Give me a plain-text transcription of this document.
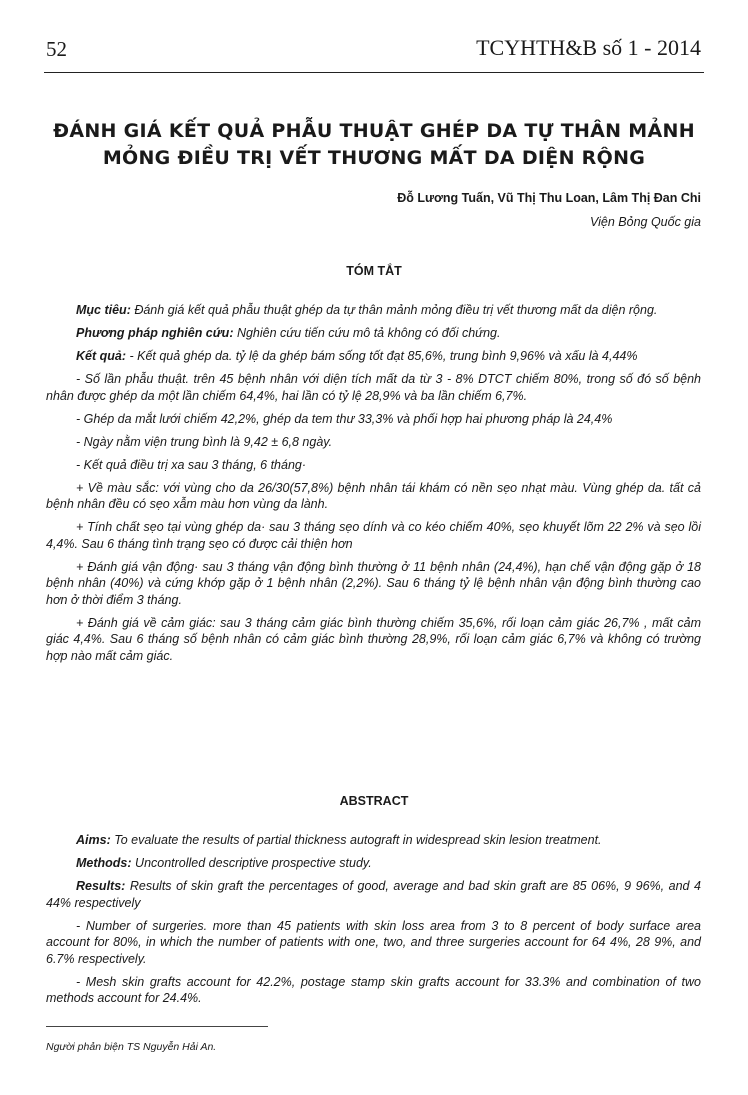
52	TCYHTH&B số 1 - 2014
ĐÁNH GIÁ KẾT QUẢ PHẪU THUẬT GHÉP DA TỰ THÂN MẢNH
MỎNG ĐIỀU TRỊ VẾT THƯƠNG MẤT DA DIỆN RỘNG
Đỗ Lương Tuấn, Vũ Thị Thu Loan, Lâm Thị Đan Chi
Viện Bỏng Quốc gia
TÓM TẮT

Mục tiêu: Đánh giá kết quả phẫu thuật ghép da tự thân mảnh mỏng điều trị vết thương mất da diện rộng.

Phương pháp nghiên cứu: Nghiên cứu tiến cứu mô tả không có đối chứng.

Kết quả: - Kết quả ghép da. tỷ lệ da ghép bám sống tốt đạt 85,6%, trung bình 9,96% và xấu là 4,44%

- Số lần phẫu thuật. trên 45 bệnh nhân với diện tích mất da từ 3 - 8% DTCT chiếm 80%, trong số đó số bệnh nhân được ghép da một lần chiếm 64,4%, hai lần có tỷ lệ 28,9% và ba lần chiếm 6,7%.

- Ghép da mắt lưới chiếm 42,2%, ghép da tem thư 33,3% và phối hợp hai phương pháp là 24,4%

- Ngày nằm viện trung bình là 9,42 ± 6,8 ngày.

- Kết quả điều trị xa sau 3 tháng, 6 tháng·

+ Về màu sắc: với vùng cho da 26/30(57,8%) bệnh nhân tái khám có nền sẹo nhạt màu. Vùng ghép da. tất cả bệnh nhân đều có sẹo xẫm màu hơn vùng da lành.

+ Tính chất sẹo tại vùng ghép da· sau 3 tháng sẹo dính và co kéo chiếm 40%, sẹo khuyết lõm 22 2% và sẹo lồi 4,4%. Sau 6 tháng tình trạng sẹo có được cải thiện hơn

+ Đánh giá vận động· sau 3 tháng vận động bình thường ở 11 bệnh nhân (24,4%), hạn chế vận động gặp ở 18 bệnh nhân (40%) và cứng khớp gặp ở 1 bệnh nhân (2,2%). Sau 6 tháng tỷ lệ bệnh nhân vận động bình thường cao hơn ở thời điểm 3 tháng.

+ Đánh giá về cảm giác: sau 3 tháng cảm giác bình thường chiếm 35,6%, rối loạn cảm giác 26,7% , mất cảm giác 4,4%. Sau 6 tháng số bệnh nhân có cảm giác bình thường 28,9%, rối loạn cảm giác 6,7% và không có trường hợp nào mất cảm giác.

ABSTRACT

Aims: To evaluate the results of partial thickness autograft in widespread skin lesion treatment.

Methods: Uncontrolled descriptive prospective study.

Results: Results of skin graft the percentages of good, average and bad skin graft are 85 06%, 9 96%, and 4 44% respectively

- Number of surgeries. more than 45 patients with skin loss area from 3 to 8 percent of body surface area account for 80%, in which the number of patients with one, two, and three surgeries account for 64 4%, 28 9%, and 6.7% respectively.

- Mesh skin grafts account for 42.2%, postage stamp skin grafts account for 33.3% and combination of two methods account for 24.4%.

Người phản biện TS Nguyễn Hải An.
